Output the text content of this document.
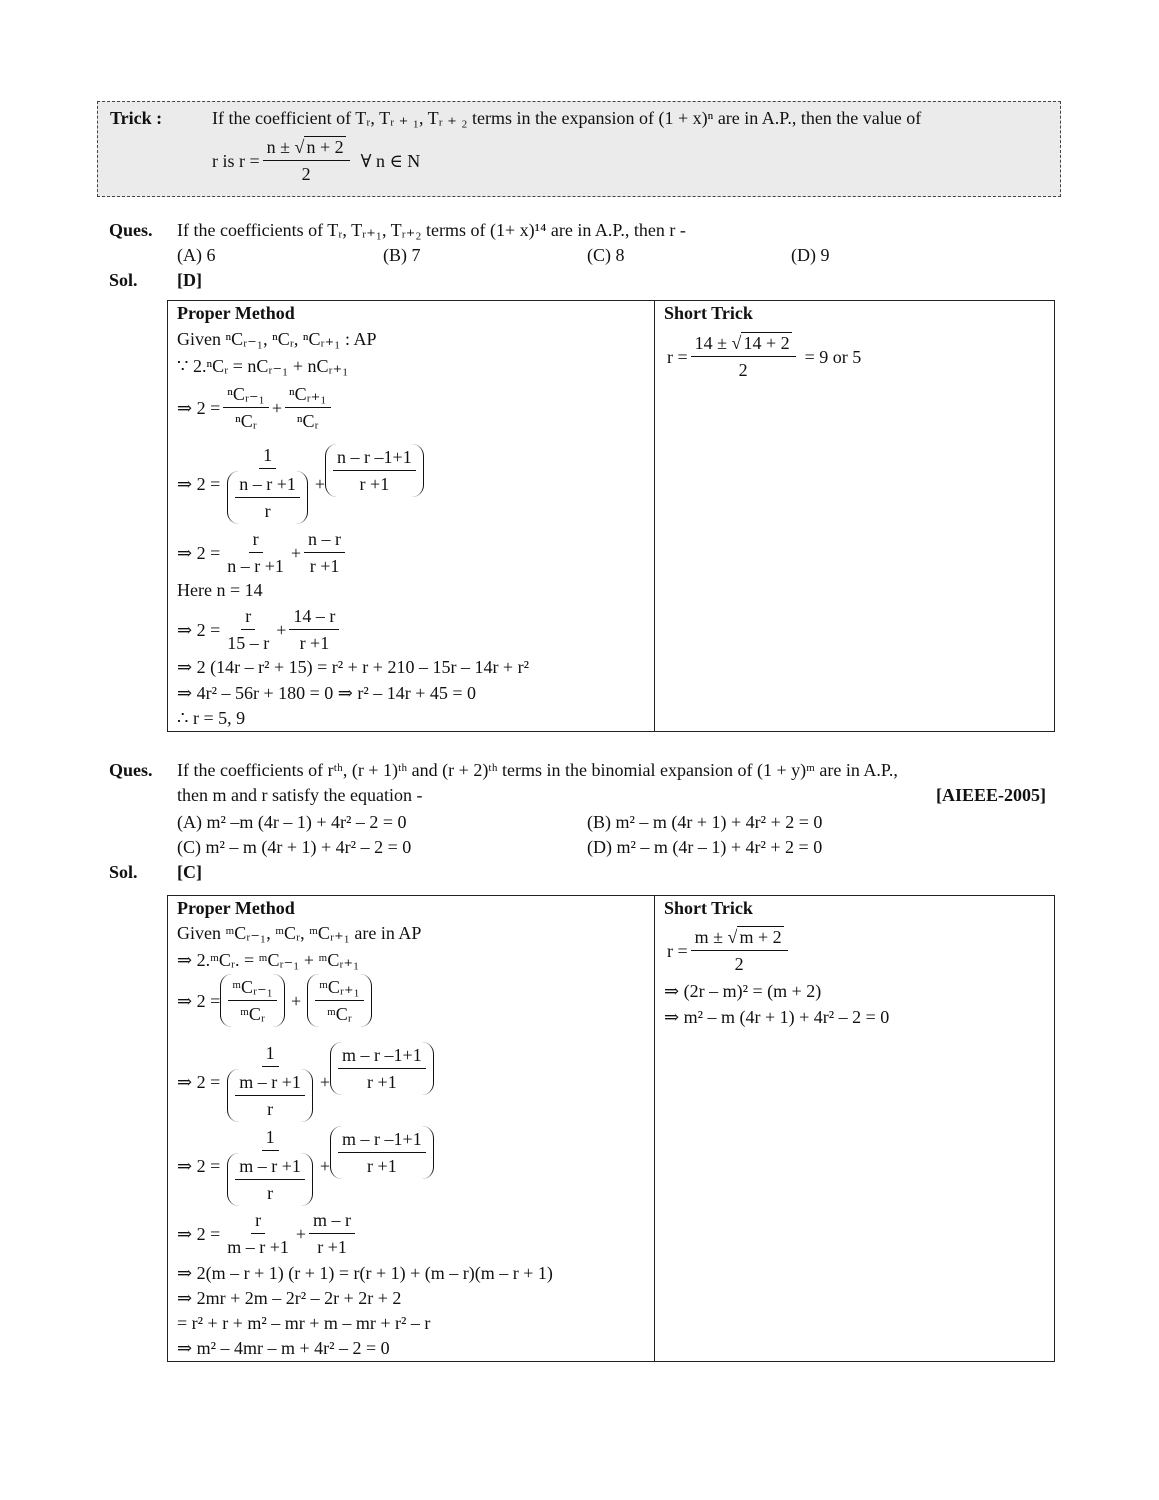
Trick :	If the coefficient of Tᵣ, Tᵣ ₊ ₁, Tᵣ ₊ ₂ terms in the expansion of (1 + x)ⁿ are in A.P., then the value of
r is $r = \frac{n \pm √ n + 2}{2}$ ∀ n ∈ N
Ques. If the coefficients of Tᵣ, Tᵣ₊₁, Tᵣ₊₂ terms of (1+ x)¹⁴ are in A.P., then r -
(A) 6	(B) 7	(C) 8	(D) 9
Sol. [D]
Proper Method
Given ⁿCᵣ₋₁, ⁿCᵣ, ⁿCᵣ₊₁ : AP
∵ 2.ⁿCᵣ = nCᵣ₋₁ + nCᵣ₊₁
⇒ $2 = \frac{\text{ⁿCᵣ₋₁}}{\text{ⁿCᵣ}} + \frac{\text{ⁿCᵣ₊₁}}{\text{ⁿCᵣ}}$
⇒ $2 = \frac{1}{\frac{n - r +1}{r}} + \frac{n - r -1+1}{r +1}$
⇒ $2 = \frac{r}{n - r +1} + \frac{n - r}{r +1}$
Here n = 14
⇒ $2 = \frac{r}{15 - r} + \frac{14 - r}{r +1}$
⇒ 2 (14r – r² + 15) = r² + r + 210 – 15r – 14r + r²
⇒ 4r² – 56r + 180 = 0 ⇒ r² – 14r + 45 = 0
∴ r = 5, 9
Short Trick
$r = \frac{14 \pm √ 14 + 2}{2} = 9$ or 5
Ques. If the coefficients of rᵗʰ, (r + 1)ᵗʰ and (r + 2)ᵗʰ terms in the binomial expansion of (1 + y)ᵐ are in A.P.,
then m and r satisfy the equation -	[AIEEE-2005]
(A) m² –m (4r – 1) + 4r² – 2 = 0	(B) m² – m (4r + 1) + 4r² + 2 = 0
(C) m² – m (4r + 1) + 4r² – 2 = 0	(D) m² – m (4r – 1) + 4r² + 2 = 0
Sol. [C]
Proper Method
Given ᵐCᵣ₋₁, ᵐCᵣ, ᵐCᵣ₊₁ are in AP
⇒ 2.ᵐCᵣ. = ᵐCᵣ₋₁ + ᵐCᵣ₊₁
⇒ $2 = \frac{\text{ᵐCᵣ₋₁}}{\text{ᵐCᵣ}} + \frac{\text{ᵐCᵣ₊₁}}{\text{ᵐCᵣ}}$
⇒ $2 = \frac{1}{\frac{m - r +1}{r}} + \frac{m - r -1+1}{r +1}$
⇒ $2 = \frac{1}{\frac{m - r +1}{r}} + \frac{m - r -1+1}{r +1}$
⇒ $2 = \frac{r}{m - r +1} + \frac{m - r}{r +1}$
⇒ 2(m – r + 1) (r + 1) = r(r + 1) + (m – r)(m – r + 1)
⇒ 2mr + 2m – 2r² – 2r + 2r + 2
= r² + r + m² – mr + m – mr + r² – r
⇒ m² – 4mr – m + 4r² – 2 = 0
Short Trick
$r = \frac{m \pm √ m + 2}{2}$
⇒ (2r – m)² = (m + 2)
⇒ m² – m (4r + 1) + 4r² – 2 = 0
